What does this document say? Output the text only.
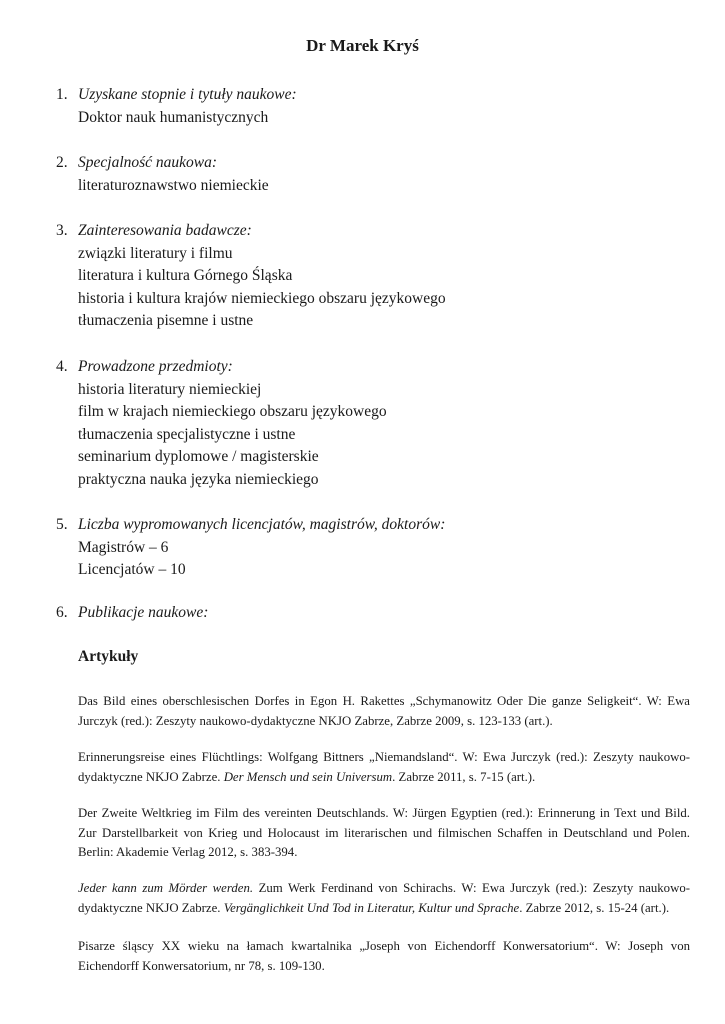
Dr Marek Kryś
1. Uzyskane stopnie i tytuły naukowe:
Doktor nauk humanistycznych
2. Specjalność naukowa:
literaturoznawstwo niemieckie
3. Zainteresowania badawcze:
związki literatury i filmu
literatura i kultura Górnego Śląska
historia i kultura krajów niemieckiego obszaru językowego
tłumaczenia pisemne i ustne
4. Prowadzone przedmioty:
historia literatury niemieckiej
film w krajach niemieckiego obszaru językowego
tłumaczenia specjalistyczne i ustne
seminarium dyplomowe / magisterskie
praktyczna nauka języka niemieckiego
5. Liczba wypromowanych licencjatów, magistrów, doktorów:
Magistrów – 6
Licencjatów – 10
6. Publikacje naukowe:
Artykuły

Das Bild eines oberschlesischen Dorfes in Egon H. Rakettes „Schymanowitz Oder Die ganze Seligkeit“. W: Ewa Jurczyk (red.): Zeszyty naukowo-dydaktyczne NKJO Zabrze, Zabrze 2009, s. 123-133 (art.).

Erinnerungsreise eines Flüchtlings: Wolfgang Bittners „Niemandsland“. W: Ewa Jurczyk (red.): Zeszyty naukowo-dydaktyczne NKJO Zabrze. Der Mensch und sein Universum. Zabrze 2011, s. 7-15 (art.).

Der Zweite Weltkrieg im Film des vereinten Deutschlands. W: Jürgen Egyptien (red.): Erinnerung in Text und Bild. Zur Darstellbarkeit von Krieg und Holocaust im literarischen und filmischen Schaffen in Deutschland und Polen. Berlin: Akademie Verlag 2012, s. 383-394.

Jeder kann zum Mörder werden. Zum Werk Ferdinand von Schirachs. W: Ewa Jurczyk (red.): Zeszyty naukowo-dydaktyczne NKJO Zabrze. Vergänglichkeit Und Tod in Literatur, Kultur und Sprache. Zabrze 2012, s. 15-24 (art.).

Pisarze śląscy XX wieku na łamach kwartalnika „Joseph von Eichendorff Konwersatorium“. W: Joseph von Eichendorff Konwersatorium, nr 78, s. 109-130.
